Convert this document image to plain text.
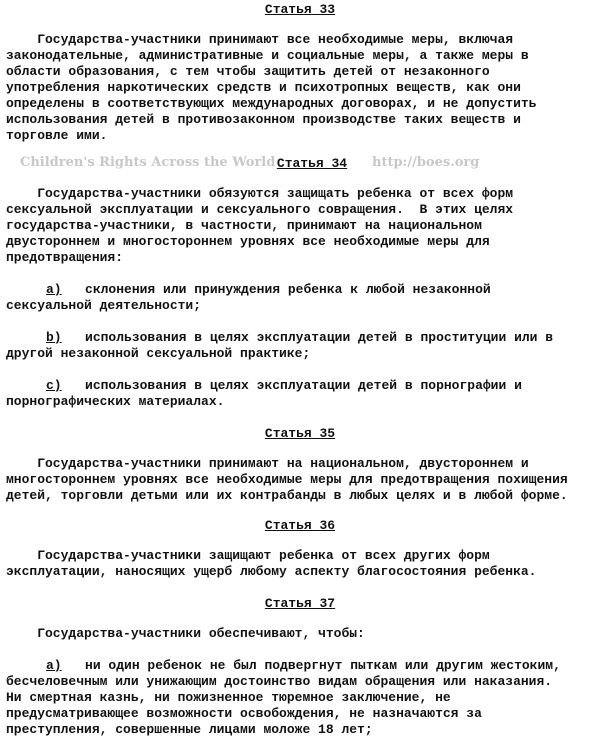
Children's Rights Across the World	http://boes.org
Статья 33
Государства-участники принимают все необходимые меры, включая
законодательные, административные и социальные меры, а также меры в
области образования, с тем чтобы защитить детей от незаконного
употребления наркотических средств и психотропных веществ, как они
определены в соответствующих международных договорах, и не допустить
использования детей в противозаконном производстве таких веществ и
торговле ими.
Статья 34
Государства-участники обязуются защищать ребенка от всех форм
сексуальной эксплуатации и сексуального совращения.  В этих целях
государства-участники, в частности, принимают на национальном
двустороннем и многостороннем уровнях все необходимые меры для
предотвращения:
a)   склонения или принуждения ребенка к любой незаконной
сексуальной деятельности;
b)   использования в целях эксплуатации детей в проституции или в
другой незаконной сексуальной практике;
c)   использования в целях эксплуатации детей в порнографии и
порнографических материалах.
Статья 35
Государства-участники принимают на национальном, двустороннем и
многостороннем уровнях все необходимые меры для предотвращения похищения
детей, торговли детьми или их контрабанды в любых целях и в любой форме.
Статья 36
Государства-участники защищают ребенка от всех других форм
эксплуатации, наносящих ущерб любому аспекту благосостояния ребенка.
Статья 37
Государства-участники обеспечивают, чтобы:
a)   ни один ребенок не был подвергнут пыткам или другим жестоким,
бесчеловечным или унижающим достоинство видам обращения или наказания.
Ни смертная казнь, ни пожизненное тюремное заключение, не
предусматривающее возможности освобождения, не назначаются за
преступления, совершенные лицами моложе 18 лет;
